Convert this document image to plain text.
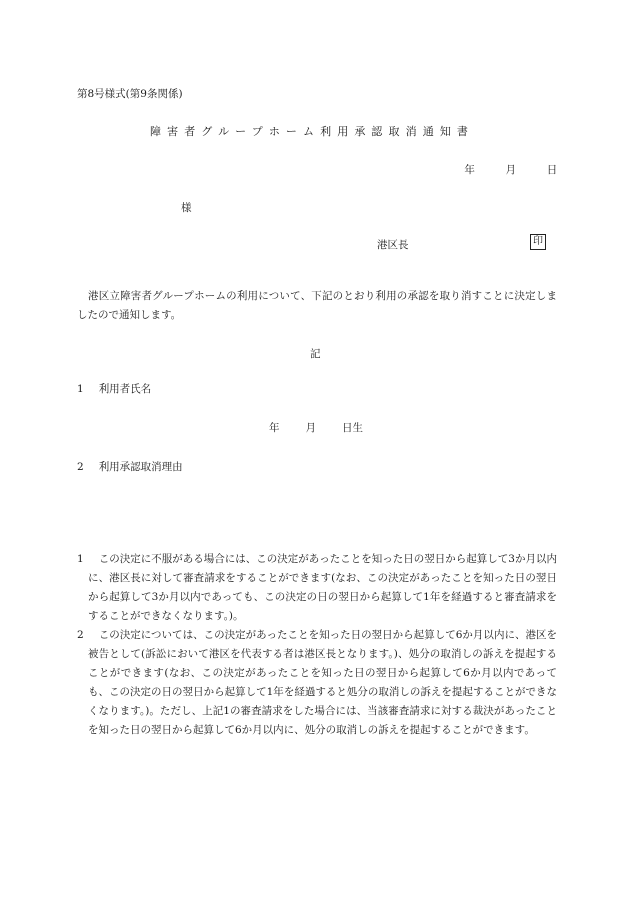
第8号様式(第9条関係)
障害者グループホーム利用承認取消通知書
年	月	日
様
港区長	印
港区立障害者グループホームの利用について、下記のとおり利用の承認を取り消すことに決定しましたので通知します。
記
1 利用者氏名
年 月 日生
2 利用承認取消理由
1 この決定に不服がある場合には、この決定があったことを知った日の翌日から起算して3か月以内に、港区長に対して審査請求をすることができます(なお、この決定があったことを知った日の翌日から起算して3か月以内であっても、この決定の日の翌日から起算して1年を経過すると審査請求をすることができなくなります。)。
2 この決定については、この決定があったことを知った日の翌日から起算して6か月以内に、港区を被告として(訴訟において港区を代表する者は港区長となります。)、処分の取消しの訴えを提起することができます(なお、この決定があったことを知った日の翌日から起算して6か月以内であっても、この決定の日の翌日から起算して1年を経過すると処分の取消しの訴えを提起することができなくなります。)。ただし、上記1の審査請求をした場合には、当該審査請求に対する裁決があったことを知った日の翌日から起算して6か月以内に、処分の取消しの訴えを提起することができます。
